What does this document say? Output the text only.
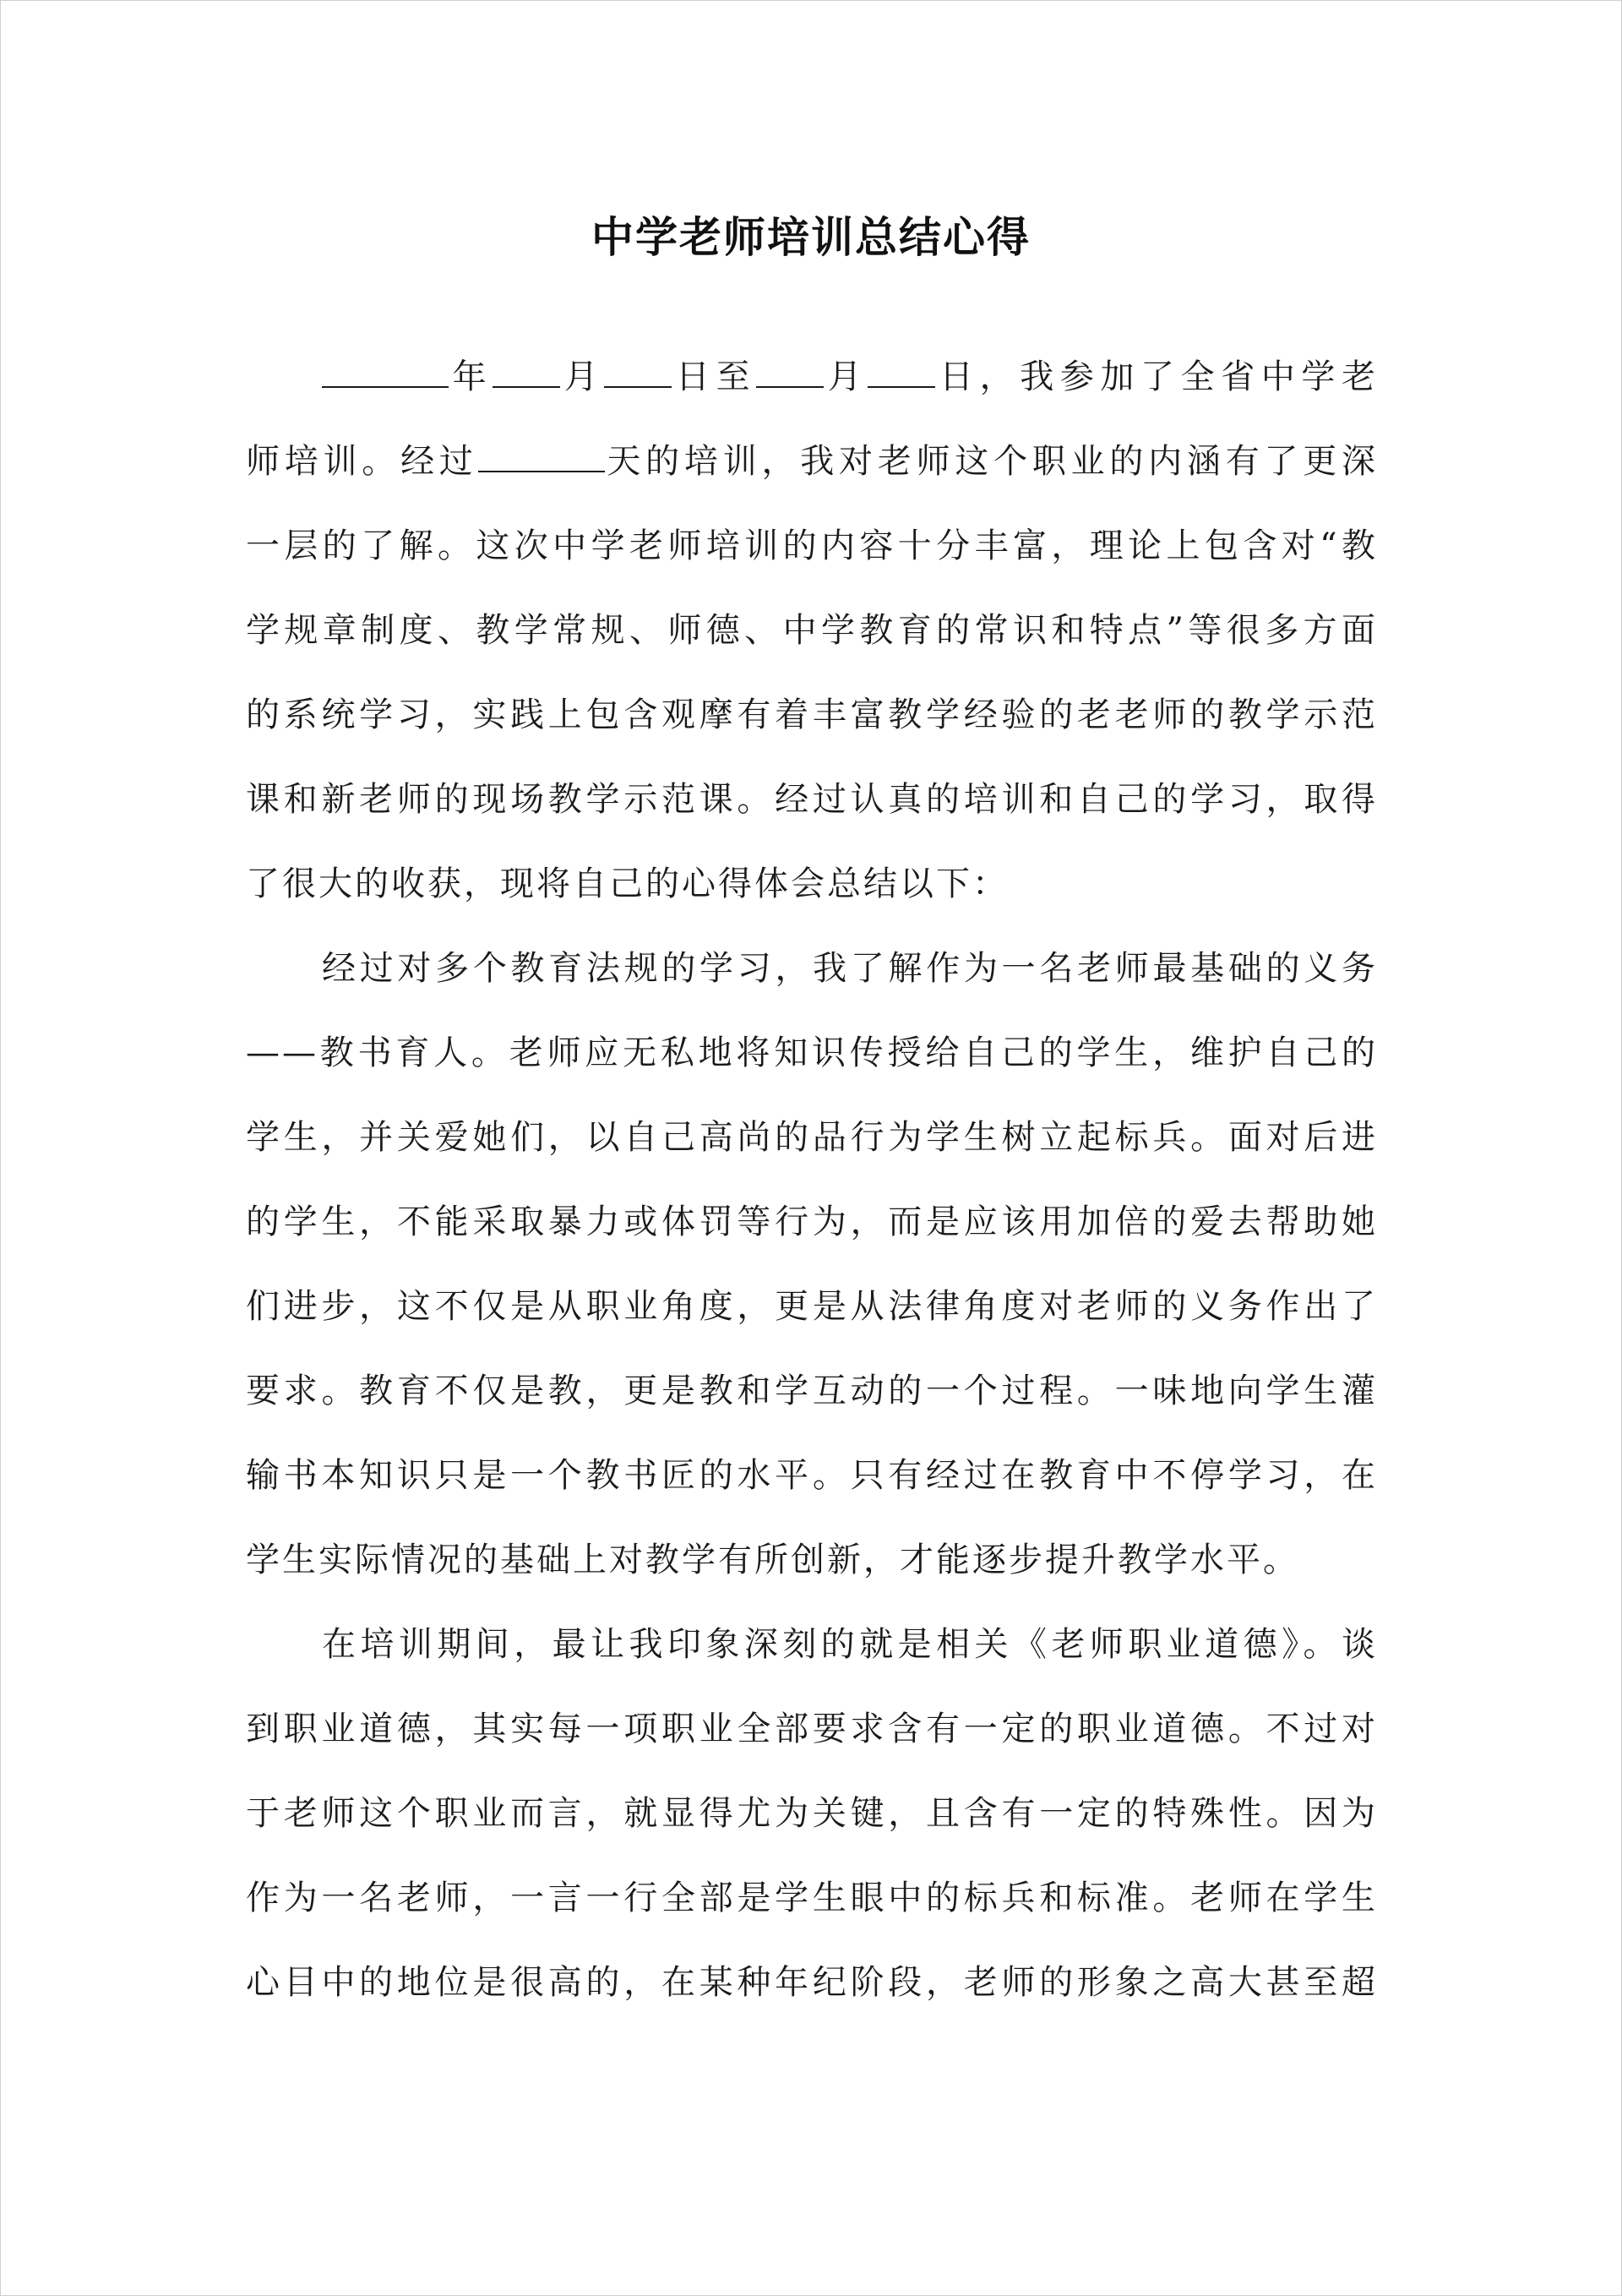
中学老师培训总结心得
年 月 日至 月 日，我参加了全省中学老
师培训。经过	天的培训，我对老师这个职业的内涵有了更深
一层的了解。这次中学老师培训的内容十分丰富，理论上包含对“教
学规章制度、教学常规、师德、中学教育的常识和特点”等很多方面
的系统学习，实践上包含观摩有着丰富教学经验的老老师的教学示范
课和新老师的现场教学示范课。经过认真的培训和自己的学习，取得
了很大的收获，现将自己的心得体会总结以下：
经过对多个教育法规的学习，我了解作为一名老师最基础的义务
——教书育人。老师应无私地将知识传授给自己的学生，维护自己的
学生，并关爱她们，以自己高尚的品行为学生树立起标兵。面对后进
的学生，不能采取暴力或体罚等行为，而是应该用加倍的爱去帮助她
们进步，这不仅是从职业角度，更是从法律角度对老师的义务作出了
要求。教育不仅是教，更是教和学互动的一个过程。一味地向学生灌
输书本知识只是一个教书匠的水平。只有经过在教育中不停学习，在
学生实际情况的基础上对教学有所创新，才能逐步提升教学水平。
在培训期间，最让我印象深刻的就是相关《老师职业道德》。谈
到职业道德，其实每一项职业全部要求含有一定的职业道德。不过对
于老师这个职业而言，就显得尤为关键，且含有一定的特殊性。因为
作为一名老师，一言一行全部是学生眼中的标兵和标准。老师在学生
心目中的地位是很高的，在某种年纪阶段，老师的形象之高大甚至超
